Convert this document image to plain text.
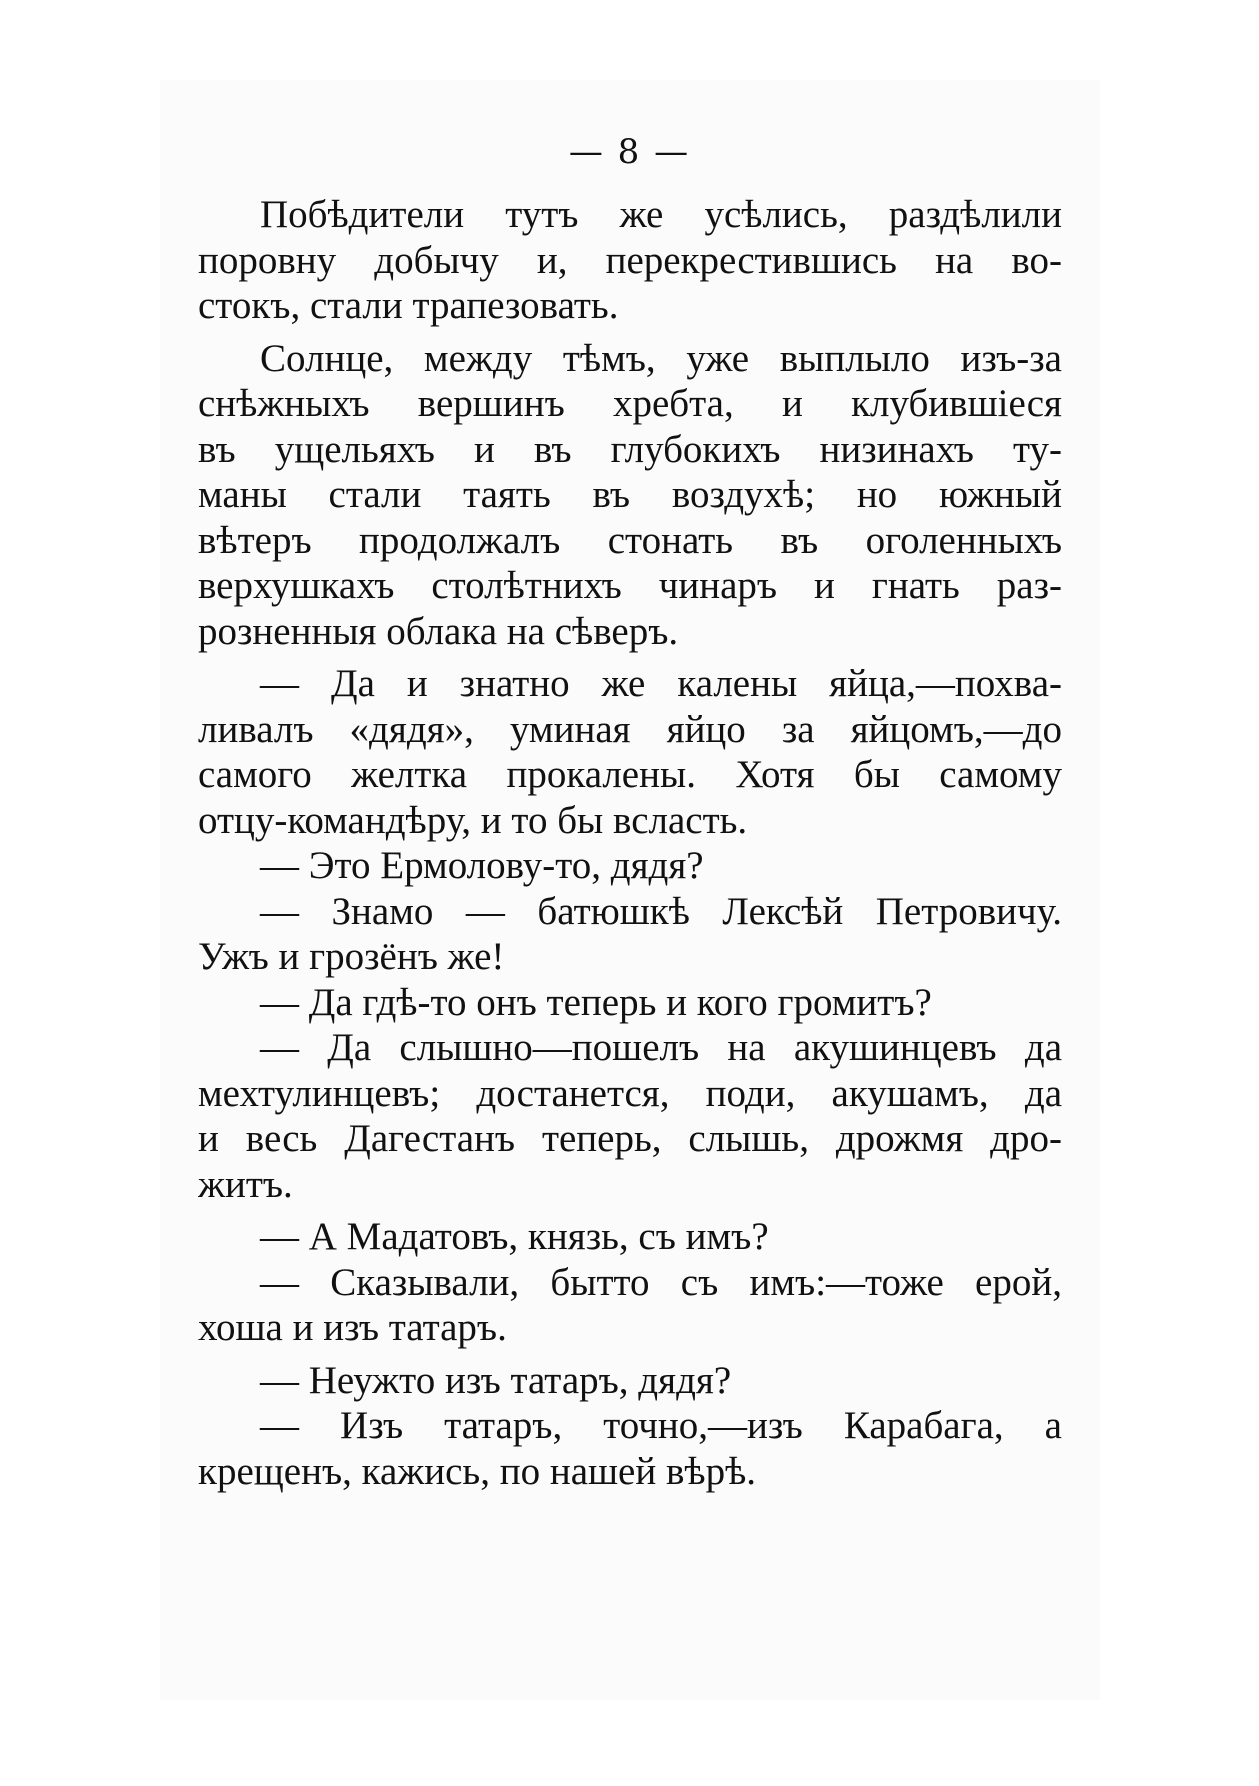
— 8 —
Побѣдители тутъ же усѣлись, раздѣлили
поровну добычу и, перекрестившись на во-
стокъ, стали трапезовать.
Солнце, между тѣмъ, уже выплыло изъ-за
снѣжныхъ вершинъ хребта, и клубившіеся
въ ущельяхъ и въ глубокихъ низинахъ ту-
маны стали таять въ воздухѣ; но южный
вѣтеръ продолжалъ стонать въ оголенныхъ
верхушкахъ столѣтнихъ чинаръ и гнать раз-
розненныя облака на сѣверъ.
— Да и знатно же калены яйца,—похва-
ливалъ «дядя», уминая яйцо за яйцомъ,—до
самого желтка прокалены. Хотя бы самому
отцу-командѣру, и то бы всласть.
— Это Ермолову-то, дядя?
— Знамо — батюшкѣ Лексѣй Петровичу.
Ужъ и грозёнъ же!
— Да гдѣ-то онъ теперь и кого громитъ?
— Да слышно—пошелъ на акушинцевъ да
мехтулинцевъ; достанется, поди, акушамъ, да
и весь Дагестанъ теперь, слышь, дрожмя дро-
житъ.
— А Мадатовъ, князь, съ имъ?
— Сказывали, бытто съ имъ:—тоже ерой,
хоша и изъ татаръ.
— Неужто изъ татаръ, дядя?
— Изъ татаръ, точно,—изъ Карабага, а
крещенъ, кажись, по нашей вѣрѣ.
